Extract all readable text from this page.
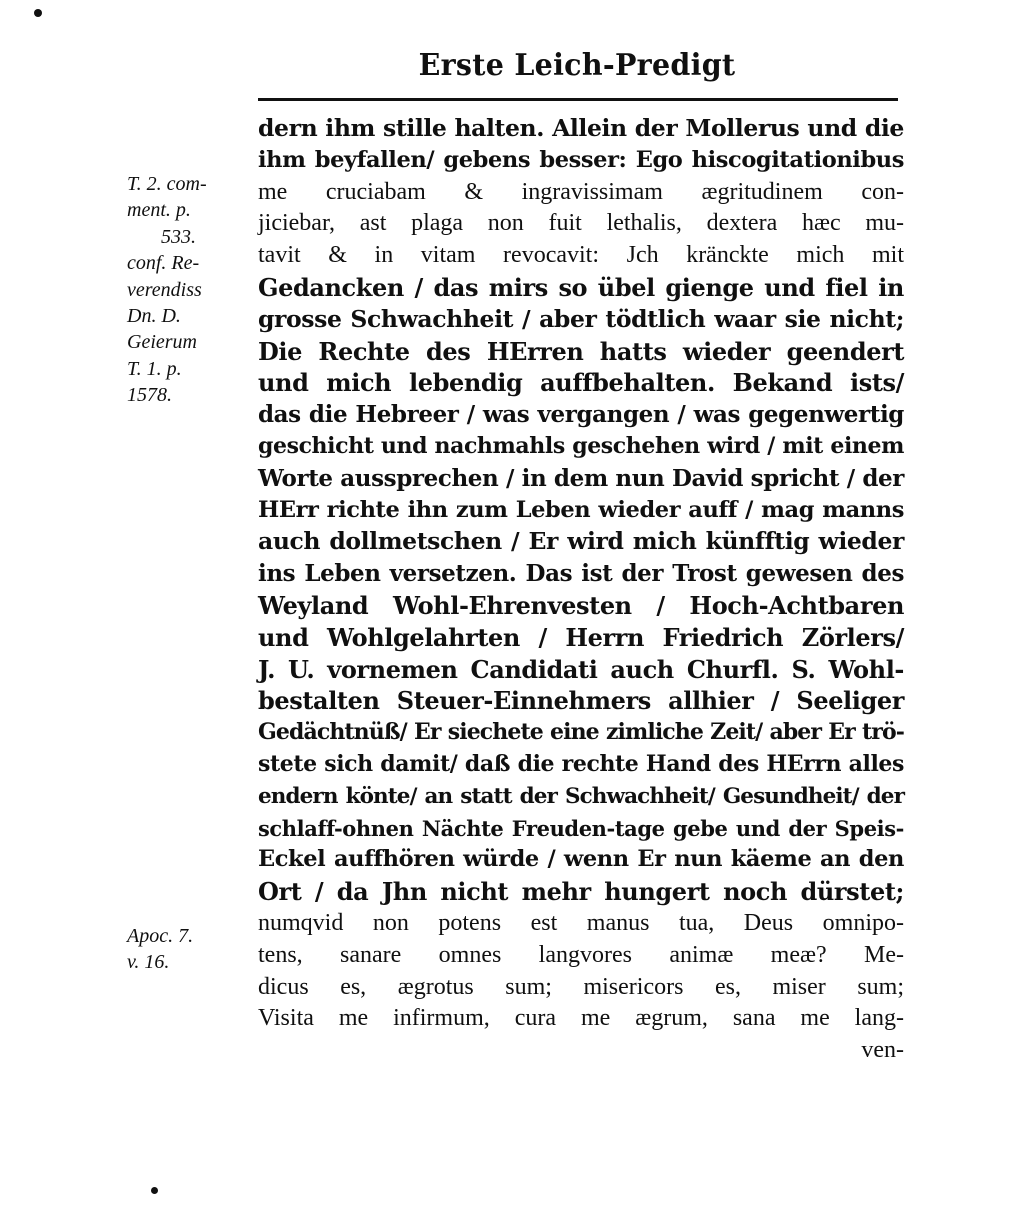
Erste Leich-Predigt
T. 2. com-
ment. p.
533.
conf. Re-
verendiss
Dn. D.
Geierum
T. 1. p.
1578.
Apoc. 7.
v. 16.
dern ihm stille halten. Allein der Mollerus und die
ihm beyfallen/ gebens besser: Ego hiscogitationibus
me cruciabam & ingravissimam ægritudinem con-
jiciebar, ast plaga non fuit lethalis, dextera hæc mu-
tavit & in vitam revocavit: Jch kränckte mich mit
Gedancken / das mirs so übel gienge und fiel in
grosse Schwachheit / aber tödtlich waar sie nicht;
Die Rechte des HErren hatts wieder geendert
und mich lebendig auffbehalten. Bekand ists/
das die Hebreer / was vergangen / was gegenwertig
geschicht und nachmahls geschehen wird / mit einem
Worte aussprechen / in dem nun David spricht / der
HErr richte ihn zum Leben wieder auff / mag manns
auch dollmetschen / Er wird mich künfftig wieder
ins Leben versetzen. Das ist der Trost gewesen des
Weyland Wohl-Ehrenvesten / Hoch-Achtbaren
und Wohlgelahrten / Herrn Friedrich Zörlers/
J. U. vornemen Candidati auch Churfl. S. Wohl-
bestalten Steuer-Einnehmers allhier / Seeliger
Gedächtnüß/ Er siechete eine zimliche Zeit/ aber Er trö-
stete sich damit/ daß die rechte Hand des HErrn alles
endern könte/ an statt der Schwachheit/ Gesundheit/ der
schlaff-ohnen Nächte Freuden-tage gebe und der Speis-
Eckel auffhören würde / wenn Er nun käeme an den
Ort / da Jhn nicht mehr hungert noch dürstet;
numqvid non potens est manus tua, Deus omnipo-
tens, sanare omnes langvores animæ meæ? Me-
dicus es, ægrotus sum; misericors es, miser sum;
Visita me infirmum, cura me ægrum, sana me lang-
ven-
